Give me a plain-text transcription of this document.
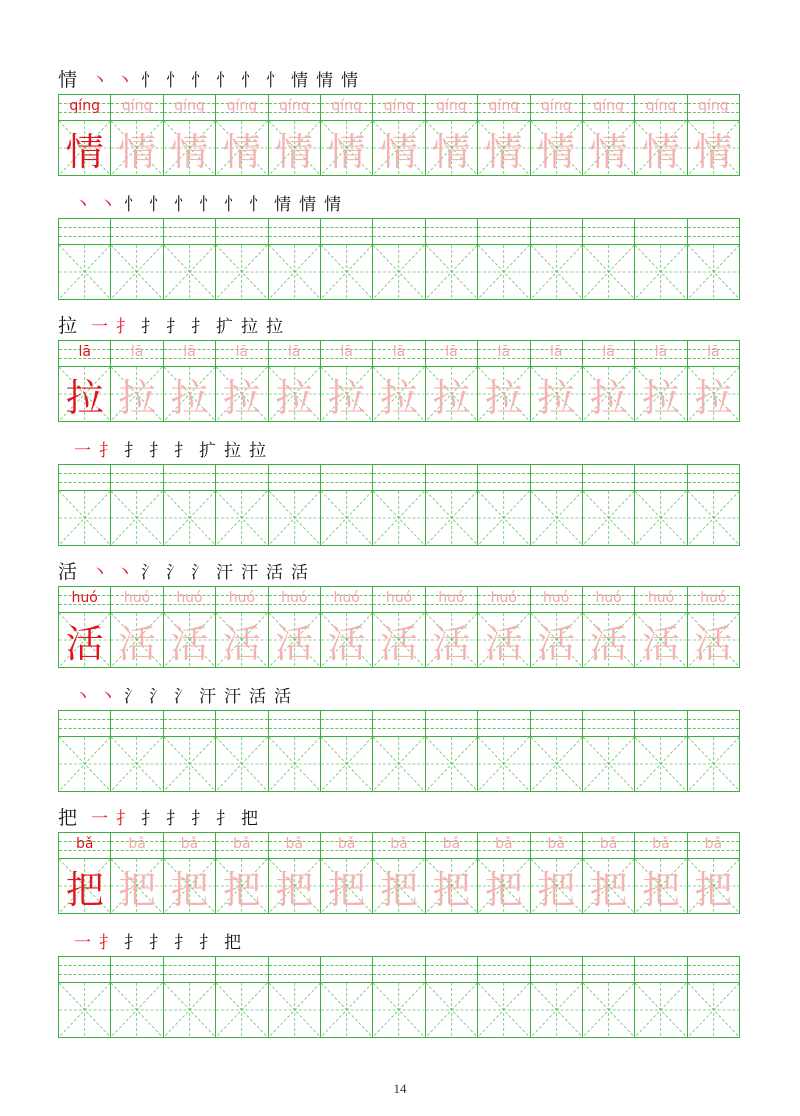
情 丶 丶 忄 忄 忄 忄 忄 忄 情 情 情
qíng
情
qíng
情
qíng
情
qíng
情
qíng
情
qíng
情
qíng
情
qíng
情
qíng
情
qíng
情
qíng
情
qíng
情
qíng
情
丶 丶 忄 忄 忄 忄 忄 忄 情 情 情
拉 一 扌 扌 扌 扌 扩 拉 拉
lā
拉
lā
拉
lā
拉
lā
拉
lā
拉
lā
拉
lā
拉
lā
拉
lā
拉
lā
拉
lā
拉
lā
拉
lā
拉
一 扌 扌 扌 扌 扩 拉 拉
活 丶 丶 氵 氵 氵 汗 汗 活 活
huó
活
huó
活
huó
活
huó
活
huó
活
huó
活
huó
活
huó
活
huó
活
huó
活
huó
活
huó
活
huó
活
丶 丶 氵 氵 氵 汗 汗 活 活
把 一 扌 扌 扌 扌 扌 把
bǎ
把
bǎ
把
bǎ
把
bǎ
把
bǎ
把
bǎ
把
bǎ
把
bǎ
把
bǎ
把
bǎ
把
bǎ
把
bǎ
把
bǎ
把
一 扌 扌 扌 扌 扌 把
14
